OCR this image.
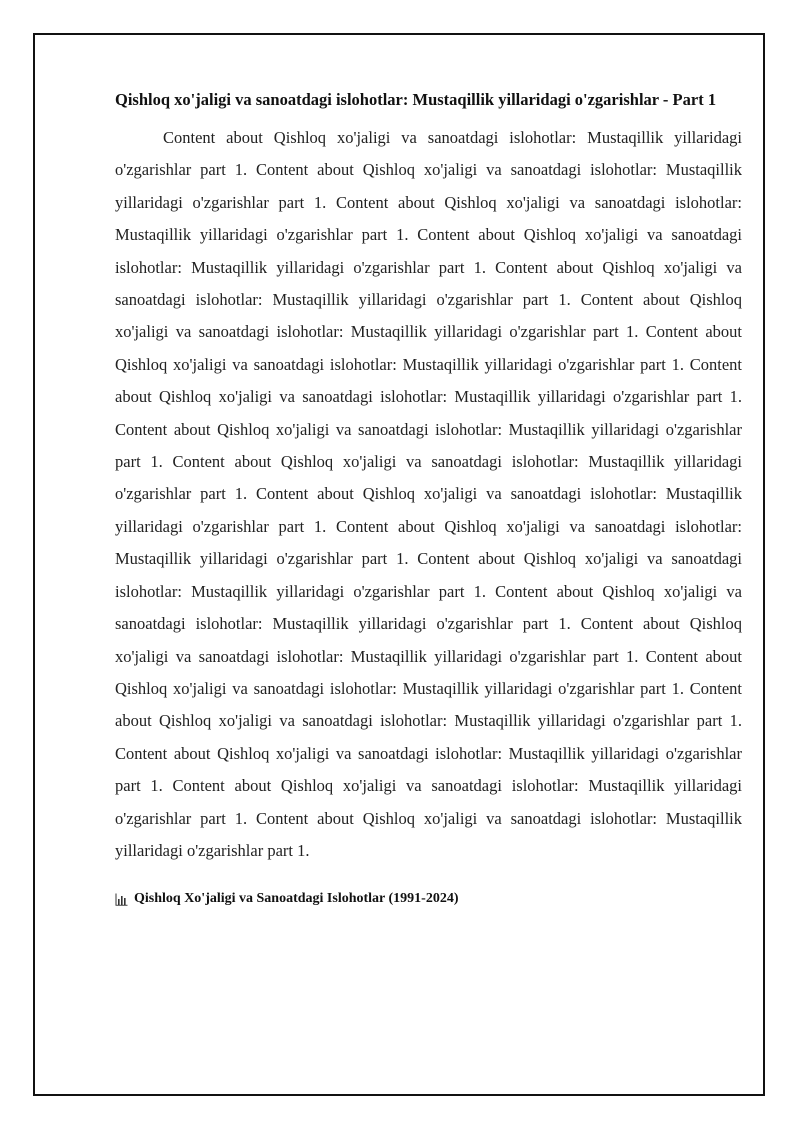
Qishloq xo'jaligi va sanoatdagi islohotlar: Mustaqillik yillaridagi o'zgarishlar - Part 1

Content about Qishloq xo'jaligi va sanoatdagi islohotlar: Mustaqillik yillaridagi o'zgarishlar part 1. Content about Qishloq xo'jaligi va sanoatdagi islohotlar: Mustaqillik yillaridagi o'zgarishlar part 1. Content about Qishloq xo'jaligi va sanoatdagi islohotlar: Mustaqillik yillaridagi o'zgarishlar part 1. Content about Qishloq xo'jaligi va sanoatdagi islohotlar: Mustaqillik yillaridagi o'zgarishlar part 1. Content about Qishloq xo'jaligi va sanoatdagi islohotlar: Mustaqillik yillaridagi o'zgarishlar part 1. Content about Qishloq xo'jaligi va sanoatdagi islohotlar: Mustaqillik yillaridagi o'zgarishlar part 1. Content about Qishloq xo'jaligi va sanoatdagi islohotlar: Mustaqillik yillaridagi o'zgarishlar part 1. Content about Qishloq xo'jaligi va sanoatdagi islohotlar: Mustaqillik yillaridagi o'zgarishlar part 1. Content about Qishloq xo'jaligi va sanoatdagi islohotlar: Mustaqillik yillaridagi o'zgarishlar part 1. Content about Qishloq xo'jaligi va sanoatdagi islohotlar: Mustaqillik yillaridagi o'zgarishlar part 1. Content about Qishloq xo'jaligi va sanoatdagi islohotlar: Mustaqillik yillaridagi o'zgarishlar part 1. Content about Qishloq xo'jaligi va sanoatdagi islohotlar: Mustaqillik yillaridagi o'zgarishlar part 1. Content about Qishloq xo'jaligi va sanoatdagi islohotlar: Mustaqillik yillaridagi o'zgarishlar part 1. Content about Qishloq xo'jaligi va sanoatdagi islohotlar: Mustaqillik yillaridagi o'zgarishlar part 1. Content about Qishloq xo'jaligi va sanoatdagi islohotlar: Mustaqillik yillaridagi o'zgarishlar part 1. Content about Qishloq xo'jaligi va sanoatdagi islohotlar: Mustaqillik yillaridagi o'zgarishlar part 1. Content about Qishloq xo'jaligi va sanoatdagi islohotlar: Mustaqillik yillaridagi o'zgarishlar part 1. Content about Qishloq xo'jaligi va sanoatdagi islohotlar: Mustaqillik yillaridagi o'zgarishlar part 1. Content about Qishloq xo'jaligi va sanoatdagi islohotlar: Mustaqillik yillaridagi o'zgarishlar part 1. Content about Qishloq xo'jaligi va sanoatdagi islohotlar: Mustaqillik yillaridagi o'zgarishlar part 1.

Qishloq Xo'jaligi va Sanoatdagi Islohotlar (1991-2024)
